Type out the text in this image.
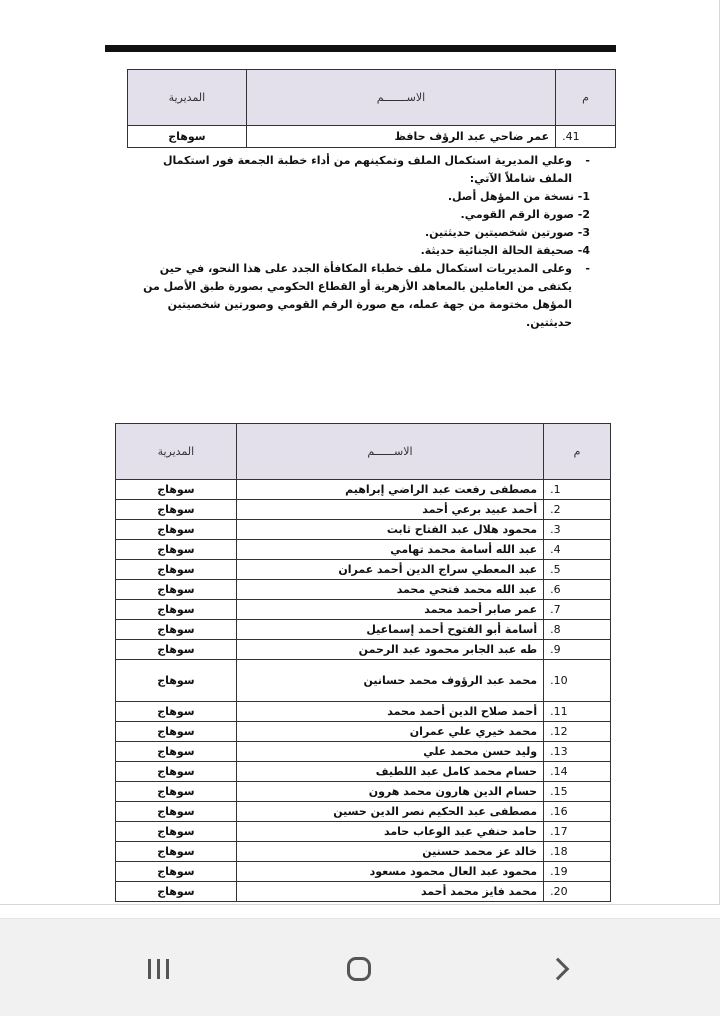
م	الاســـــــم	المديرية
.41	عمر ضاحي عبد الرؤف حافظ	سوهاج

-
وعلي المديرية استكمال الملف وتمكينهم من أداء خطبة الجمعة فور استكمال الملف شاملاً الآتي:

1- نسخة من المؤهل أصل.

2- صورة الرقم القومي.

3- صورتين شخصيتين حديثتين.

4- صحيفة الحالة الجنائية حديثة.

-
وعلى المديريات استكمال ملف خطباء المكافأة الجدد على هذا النحو، في حين يكتفى من العاملين بالمعاهد الأزهرية أو القطاع الحكومي بصورة طبق الأصل من المؤهل مختومة من جهة عمله، مع صورة الرقم القومي وصورتين شخصيتين حديثتين.

م	الاســــــم	المديرية
.1	مصطفى رفعت عبد الراضي إبراهيم	سوهاج
.2	أحمد عبيد برعي أحمد	سوهاج
.3	محمود هلال عبد الفتاح ثابت	سوهاج
.4	عبد الله أسامة محمد تهامي	سوهاج
.5	عبد المعطي سراج الدين أحمد عمران	سوهاج
.6	عبد الله محمد فتحي محمد	سوهاج
.7	عمر صابر أحمد محمد	سوهاج
.8	أسامة أبو الفتوح أحمد إسماعيل	سوهاج
.9	طه عبد الجابر محمود عبد الرحمن	سوهاج
.10	محمد عبد الرؤوف محمد حسانين	سوهاج
.11	أحمد صلاح الدين أحمد محمد	سوهاج
.12	محمد خيري علي عمران	سوهاج
.13	وليد حسن محمد علي	سوهاج
.14	حسام محمد كامل عبد اللطيف	سوهاج
.15	حسام الدين هارون محمد هرون	سوهاج
.16	مصطفى عبد الحكيم نصر الدين حسين	سوهاج
.17	حامد حنفي عبد الوعاب حامد	سوهاج
.18	خالد عز محمد حسنين	سوهاج
.19	محمود عبد العال محمود مسعود	سوهاج
.20	محمد فايز محمد أحمد	سوهاج
